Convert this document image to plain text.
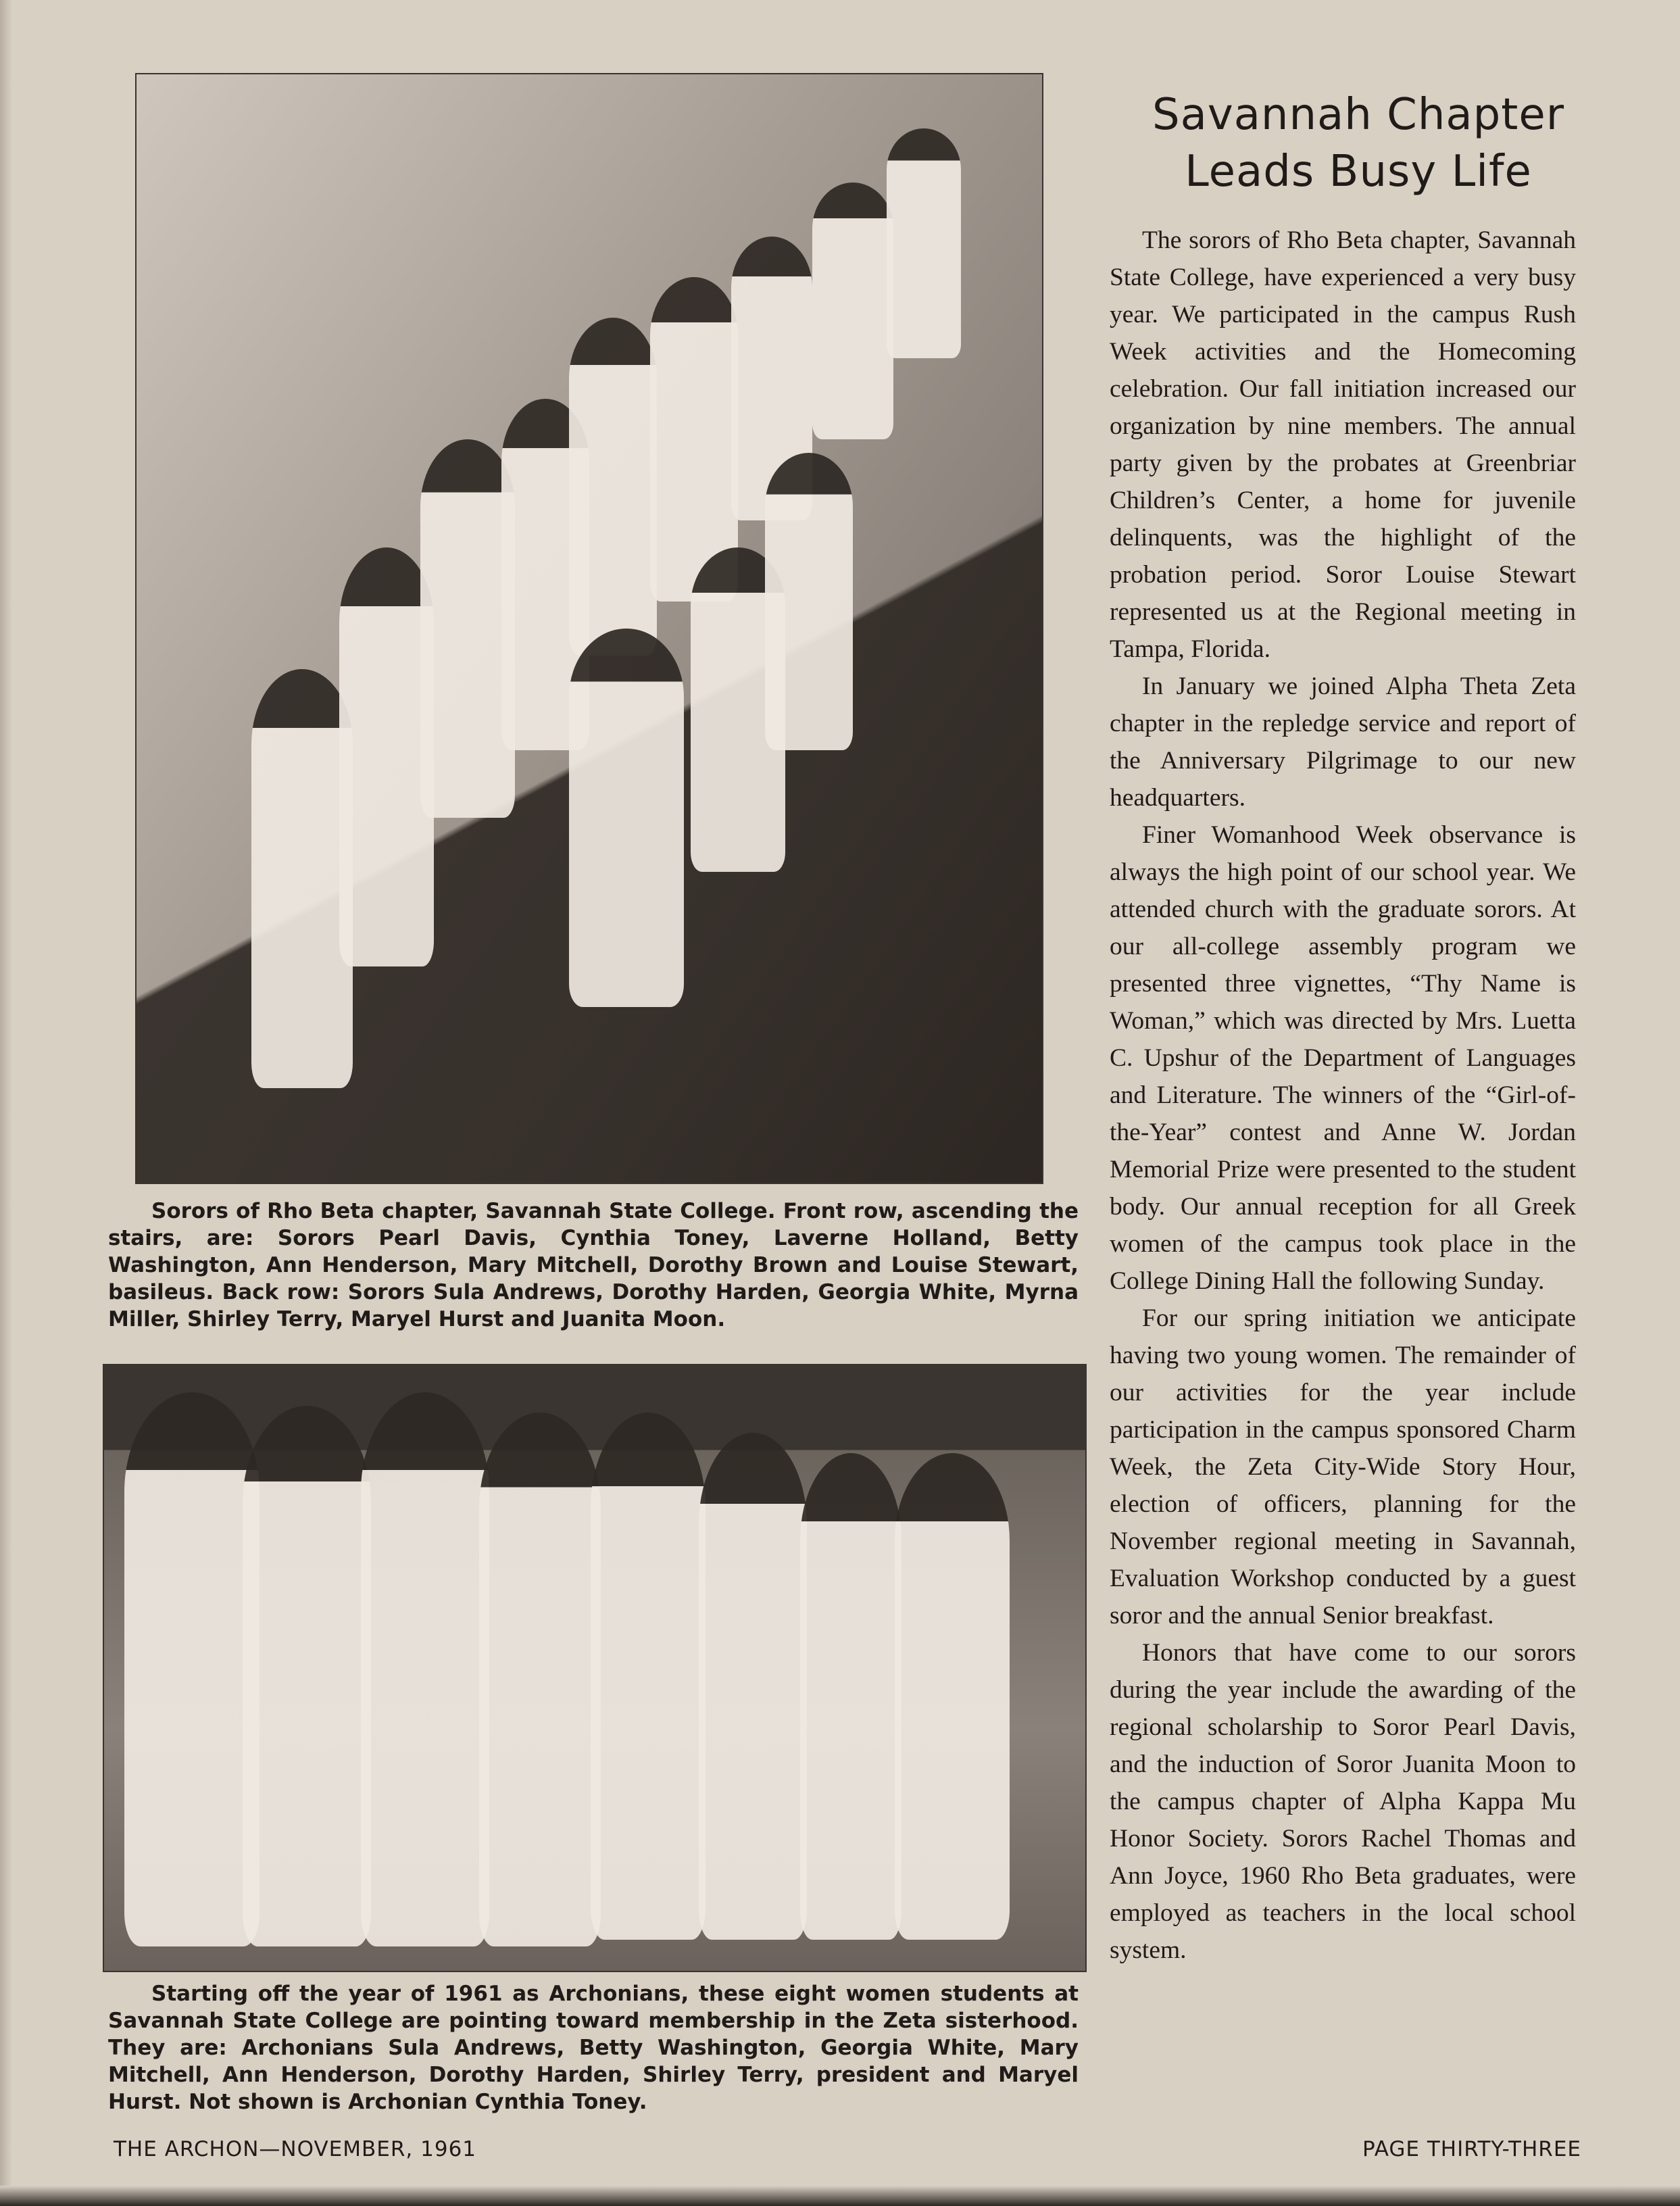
Sorors of Rho Beta chapter, Savannah State College. Front row, ascending the stairs, are: Sorors Pearl Davis, Cynthia Toney, Laverne Holland, Betty Washington, Ann Henderson, Mary Mitchell, Dorothy Brown and Louise Stewart, basileus. Back row: Sorors Sula Andrews, Dorothy Harden, Georgia White, Myrna Miller, Shirley Terry, Maryel Hurst and Juanita Moon.

Starting off the year of 1961 as Archonians, these eight women students at Savannah State College are pointing toward membership in the Zeta sisterhood. They are: Archonians Sula Andrews, Betty Washington, Georgia White, Mary Mitchell, Ann Henderson, Dorothy Harden, Shirley Terry, president and Maryel Hurst. Not shown is Archonian Cynthia Toney.

Savannah Chapter
Leads Busy Life

The sorors of Rho Beta chapter, Savannah State College, have experienced a very busy year. We participated in the campus Rush Week activities and the Homecoming celebration. Our fall initiation increased our organization by nine members. The annual party given by the probates at Greenbriar Children’s Center, a home for juvenile delinquents, was the highlight of the probation period. Soror Louise Stewart represented us at the Regional meeting in Tampa, Florida.

In January we joined Alpha Theta Zeta chapter in the repledge service and report of the Anniversary Pilgrimage to our new headquarters.

Finer Womanhood Week observance is always the high point of our school year. We attended church with the graduate sorors. At our all-college assembly program we presented three vignettes, “Thy Name is Woman,” which was directed by Mrs. Luetta C. Upshur of the Department of Languages and Literature. The winners of the “Girl-of-the-Year” contest and Anne W. Jordan Memorial Prize were presented to the student body. Our annual reception for all Greek women of the campus took place in the College Dining Hall the following Sunday.

For our spring initiation we anticipate having two young women. The remainder of our activities for the year include participation in the campus sponsored Charm Week, the Zeta City-Wide Story Hour, election of officers, planning for the November regional meeting in Savannah, Evaluation Workshop conducted by a guest soror and the annual Senior breakfast.

Honors that have come to our sorors during the year include the awarding of the regional scholarship to Soror Pearl Davis, and the induction of Soror Juanita Moon to the campus chapter of Alpha Kappa Mu Honor Society. Sorors Rachel Thomas and Ann Joyce, 1960 Rho Beta graduates, were employed as teachers in the local school system.

THE ARCHON—NOVEMBER, 1961	PAGE THIRTY-THREE
